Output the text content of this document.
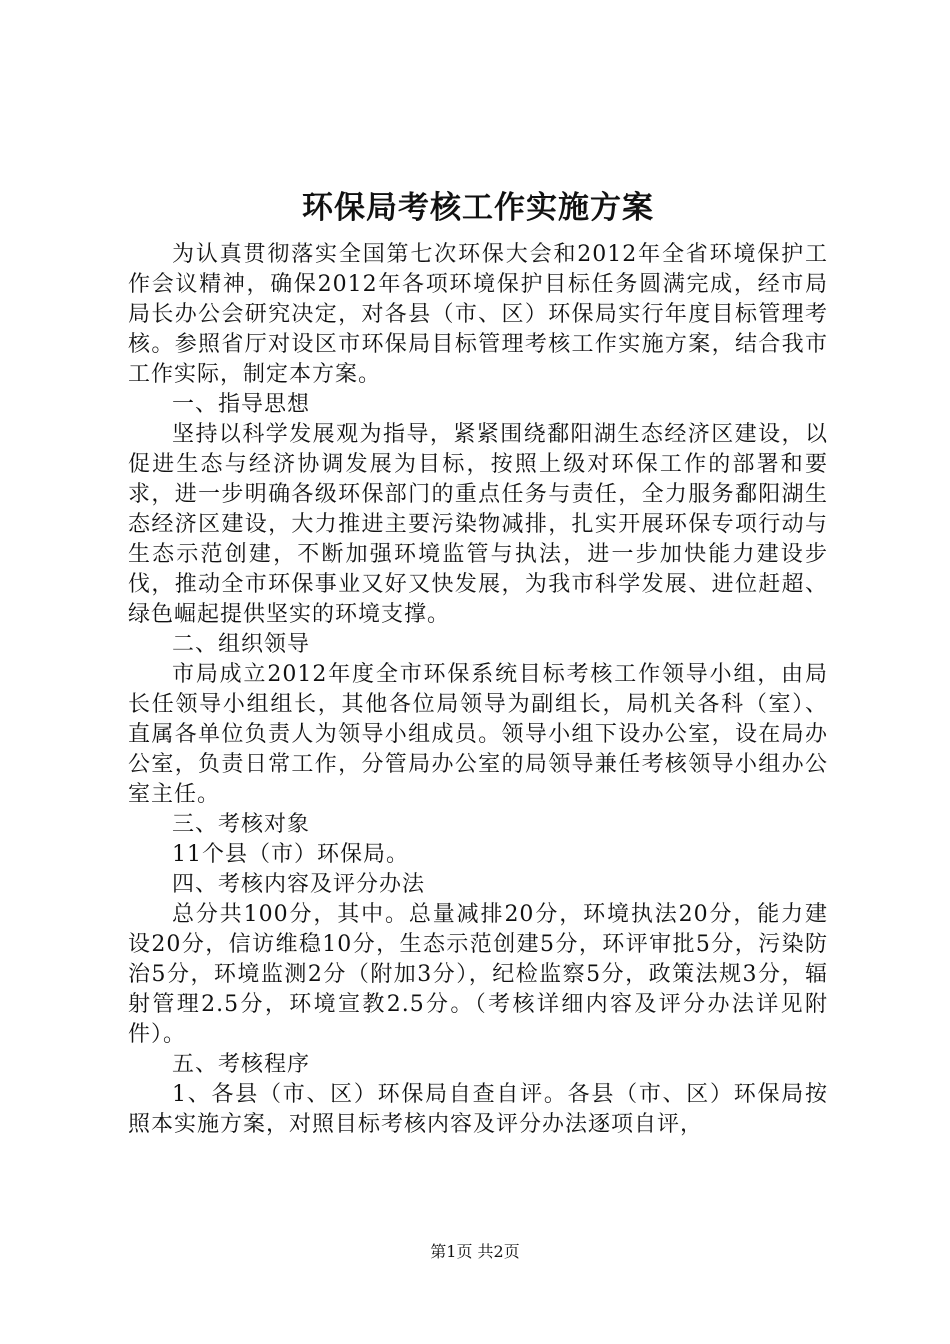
环保局考核工作实施方案

为认真贯彻落实全国第七次环保大会和2012年全省环境保护工作会议精神，确保2012年各项环境保护目标任务圆满完成，经市局局长办公会研究决定，对各县（市、区）环保局实行年度目标管理考核。参照省厅对设区市环保局目标管理考核工作实施方案，结合我市工作实际，制定本方案。

一、指导思想

坚持以科学发展观为指导，紧紧围绕鄱阳湖生态经济区建设，以促进生态与经济协调发展为目标，按照上级对环保工作的部署和要求，进一步明确各级环保部门的重点任务与责任，全力服务鄱阳湖生态经济区建设，大力推进主要污染物减排，扎实开展环保专项行动与生态示范创建，不断加强环境监管与执法，进一步加快能力建设步伐，推动全市环保事业又好又快发展，为我市科学发展、进位赶超、绿色崛起提供坚实的环境支撑。

二、组织领导

市局成立2012年度全市环保系统目标考核工作领导小组，由局长任领导小组组长，其他各位局领导为副组长，局机关各科（室）、直属各单位负责人为领导小组成员。领导小组下设办公室，设在局办公室，负责日常工作，分管局办公室的局领导兼任考核领导小组办公室主任。

三、考核对象

11个县（市）环保局。

四、考核内容及评分办法

总分共100分，其中。总量减排20分，环境执法20分，能力建设20分，信访维稳10分，生态示范创建5分，环评审批5分，污染防治5分，环境监测2分（附加3分），纪检监察5分，政策法规3分，辐射管理2.5分，环境宣教2.5分。（考核详细内容及评分办法详见附件）。

五、考核程序

1、各县（市、区）环保局自查自评。各县（市、区）环保局按照本实施方案，对照目标考核内容及评分办法逐项自评，

第1页 共2页
